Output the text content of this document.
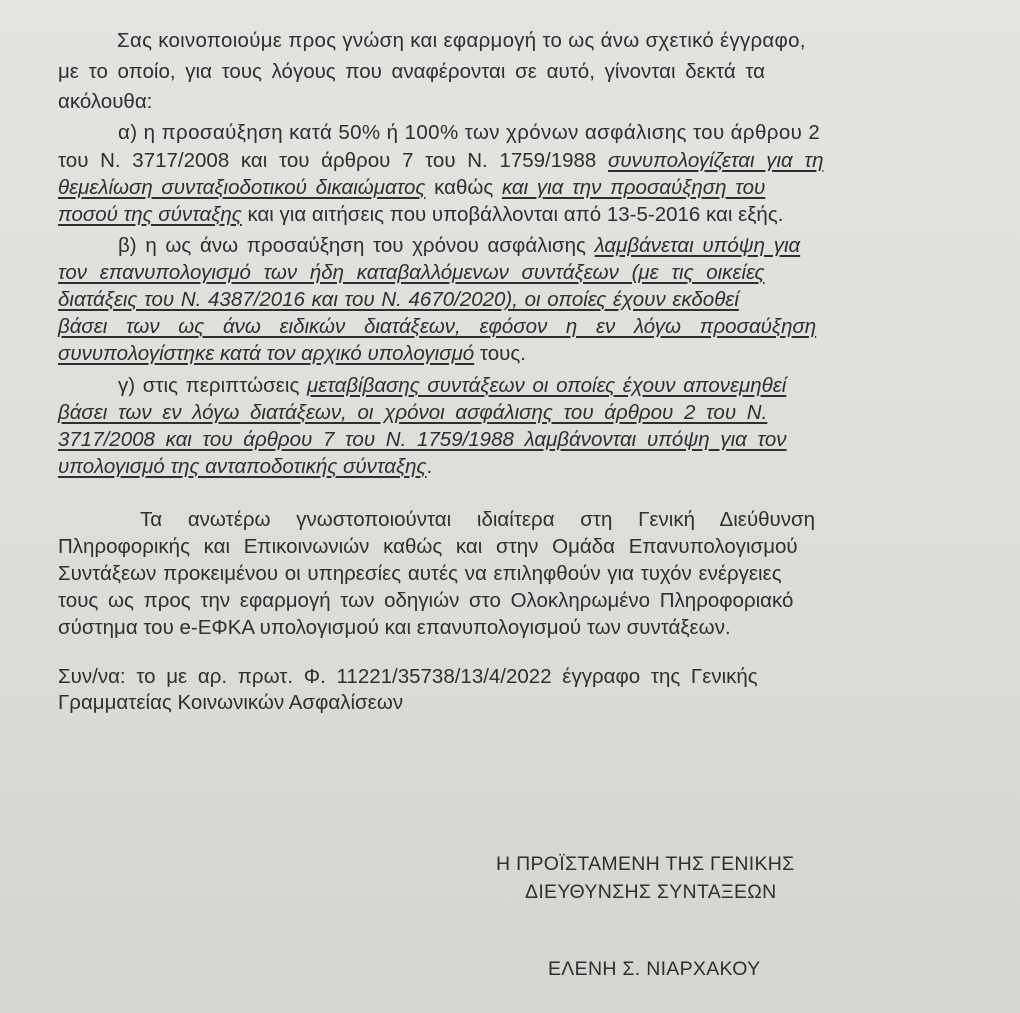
Σας κοινοποιούμε προς γνώση και εφαρμογή το ως άνω σχετικό έγγραφο,
με το οποίο, για τους λόγους που αναφέρονται σε αυτό, γίνονται δεκτά τα
ακόλουθα:
α) η προσαύξηση κατά 50% ή 100% των χρόνων ασφάλισης του άρθρου 2
του Ν. 3717/2008 και του άρθρου 7 του Ν. 1759/1988 συνυπολογίζεται για τη
θεμελίωση συνταξιοδοτικού δικαιώματος καθώς και για την προσαύξηση του
ποσού της σύνταξης και για αιτήσεις που υποβάλλονται από 13-5-2016 και εξής.
β) η ως άνω προσαύξηση του χρόνου ασφάλισης λαμβάνεται υπόψη για
τον επανυπολογισμό των ήδη καταβαλλόμενων συντάξεων (με τις οικείες
διατάξεις του Ν. 4387/2016 και του Ν. 4670/2020), οι οποίες έχουν εκδοθεί
βάσει των ως άνω ειδικών διατάξεων, εφόσον η εν λόγω προσαύξηση
συνυπολογίστηκε κατά τον αρχικό υπολογισμό τους.
γ) στις περιπτώσεις μεταβίβασης συντάξεων οι οποίες έχουν απονεμηθεί
βάσει των εν λόγω διατάξεων, οι χρόνοι ασφάλισης του άρθρου 2 του Ν.
3717/2008 και του άρθρου 7 του Ν. 1759/1988 λαμβάνονται υπόψη για τον
υπολογισμό της ανταποδοτικής σύνταξης.
Τα ανωτέρω γνωστοποιούνται ιδιαίτερα στη Γενική Διεύθυνση
Πληροφορικής και Επικοινωνιών καθώς και στην Ομάδα Επανυπολογισμού
Συντάξεων προκειμένου οι υπηρεσίες αυτές να επιληφθούν για τυχόν ενέργειες
τους ως προς την εφαρμογή των οδηγιών στο Ολοκληρωμένο Πληροφοριακό
σύστημα του e-ΕΦΚΑ υπολογισμού και επανυπολογισμού των συντάξεων.
Συν/να: το με αρ. πρωτ. Φ. 11221/35738/13/4/2022 έγγραφο της Γενικής
Γραμματείας Κοινωνικών Ασφαλίσεων
Η ΠΡΟΪΣΤΑΜΕΝΗ ΤΗΣ ΓΕΝΙΚΗΣ
ΔΙΕΥΘΥΝΣΗΣ ΣΥΝΤΑΞΕΩΝ
ΕΛΕΝΗ Σ. ΝΙΑΡΧΑΚΟΥ
